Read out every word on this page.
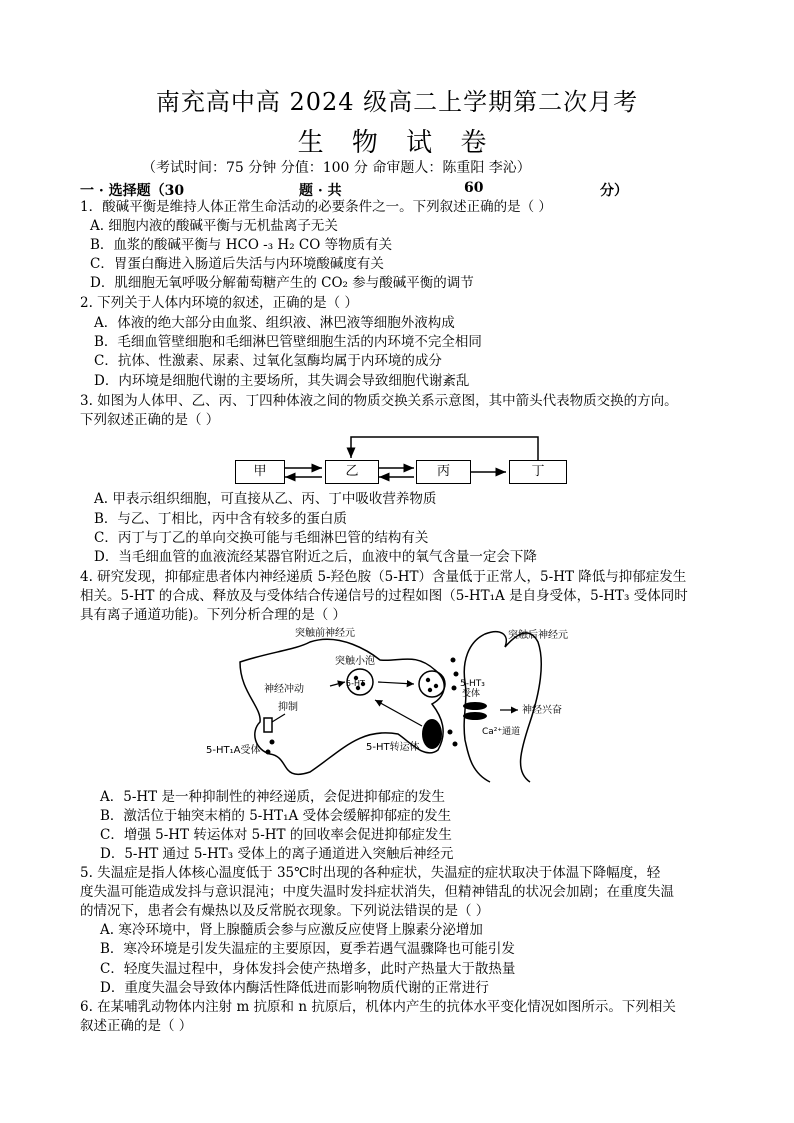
南充高中高 2024 级高二上学期第二次月考
生 物 试 卷
（考试时间：75 分钟 分值：100 分 命审题人：陈重阳 李沁）
一 · 选择题（30	题 · 共	60	分）
1．酸碱平衡是维持人体正常生命活动的必要条件之一。下列叙述正确的是（ ）
A. 细胞内液的酸碱平衡与无机盐离子无关
B．血浆的酸碱平衡与 HCO -₃ H₂ CO 等物质有关
C．胃蛋白酶进入肠道后失活与内环境酸碱度有关
D．肌细胞无氧呼吸分解葡萄糖产生的 CO₂ 参与酸碱平衡的调节
2. 下列关于人体内环境的叙述，正确的是（ ）
A．体液的绝大部分由血浆、组织液、淋巴液等细胞外液构成
B．毛细血管壁细胞和毛细淋巴管壁细胞生活的内环境不完全相同
C．抗体、性激素、尿素、过氧化氢酶均属于内环境的成分
D．内环境是细胞代谢的主要场所，其失调会导致细胞代谢紊乱
3. 如图为人体甲、乙、丙、丁四种体液之间的物质交换关系示意图，其中箭头代表物质交换的方向。
下列叙述正确的是（ ）
甲	乙	丙	丁
A. 甲表示组织细胞，可直接从乙、丙、丁中吸收营养物质
B．与乙、丁相比，丙中含有较多的蛋白质
C．丙丁与丁乙的单向交换可能与毛细淋巴管的结构有关
D．当毛细血管的血液流经某器官附近之后，血液中的氧气含量一定会下降
4. 研究发现，抑郁症患者体内神经递质 5-羟色胺（5-HT）含量低于正常人，5-HT 降低与抑郁症发生
相关。5-HT 的合成、释放及与受体结合传递信号的过程如图（5-HT₁A 是自身受体，5-HT₃ 受体同时
具有离子通道功能)。下列分析合理的是（ ）
突触前神经元	突触后神经元
突触小泡
神经冲动
抑制
5-HT
5-HT₁A受体	5-HT转运体
5-HT₃
受体
神经兴奋
Ca²⁺通道
A．5-HT 是一种抑制性的神经递质，会促进抑郁症的发生
B．激活位于轴突末梢的 5-HT₁A 受体会缓解抑郁症的发生
C．增强 5-HT 转运体对 5-HT 的回收率会促进抑郁症发生
D．5-HT 通过 5-HT₃ 受体上的离子通道进入突触后神经元
5. 失温症是指人体核心温度低于 35℃时出现的各种症状，失温症的症状取决于体温下降幅度，轻
度失温可能造成发抖与意识混沌；中度失温时发抖症状消失，但精神错乱的状况会加剧；在重度失温
的情况下，患者会有燥热以及反常脱衣现象。下列说法错误的是（ ）
A. 寒冷环境中，肾上腺髓质会参与应激反应使肾上腺素分泌增加
B．寒冷环境是引发失温症的主要原因，夏季若遇气温骤降也可能引发
C．轻度失温过程中，身体发抖会使产热增多，此时产热量大于散热量
D．重度失温会导致体内酶活性降低进而影响物质代谢的正常进行
6. 在某哺乳动物体内注射 m 抗原和 n 抗原后，机体内产生的抗体水平变化情况如图所示。下列相关
叙述正确的是（ ）
